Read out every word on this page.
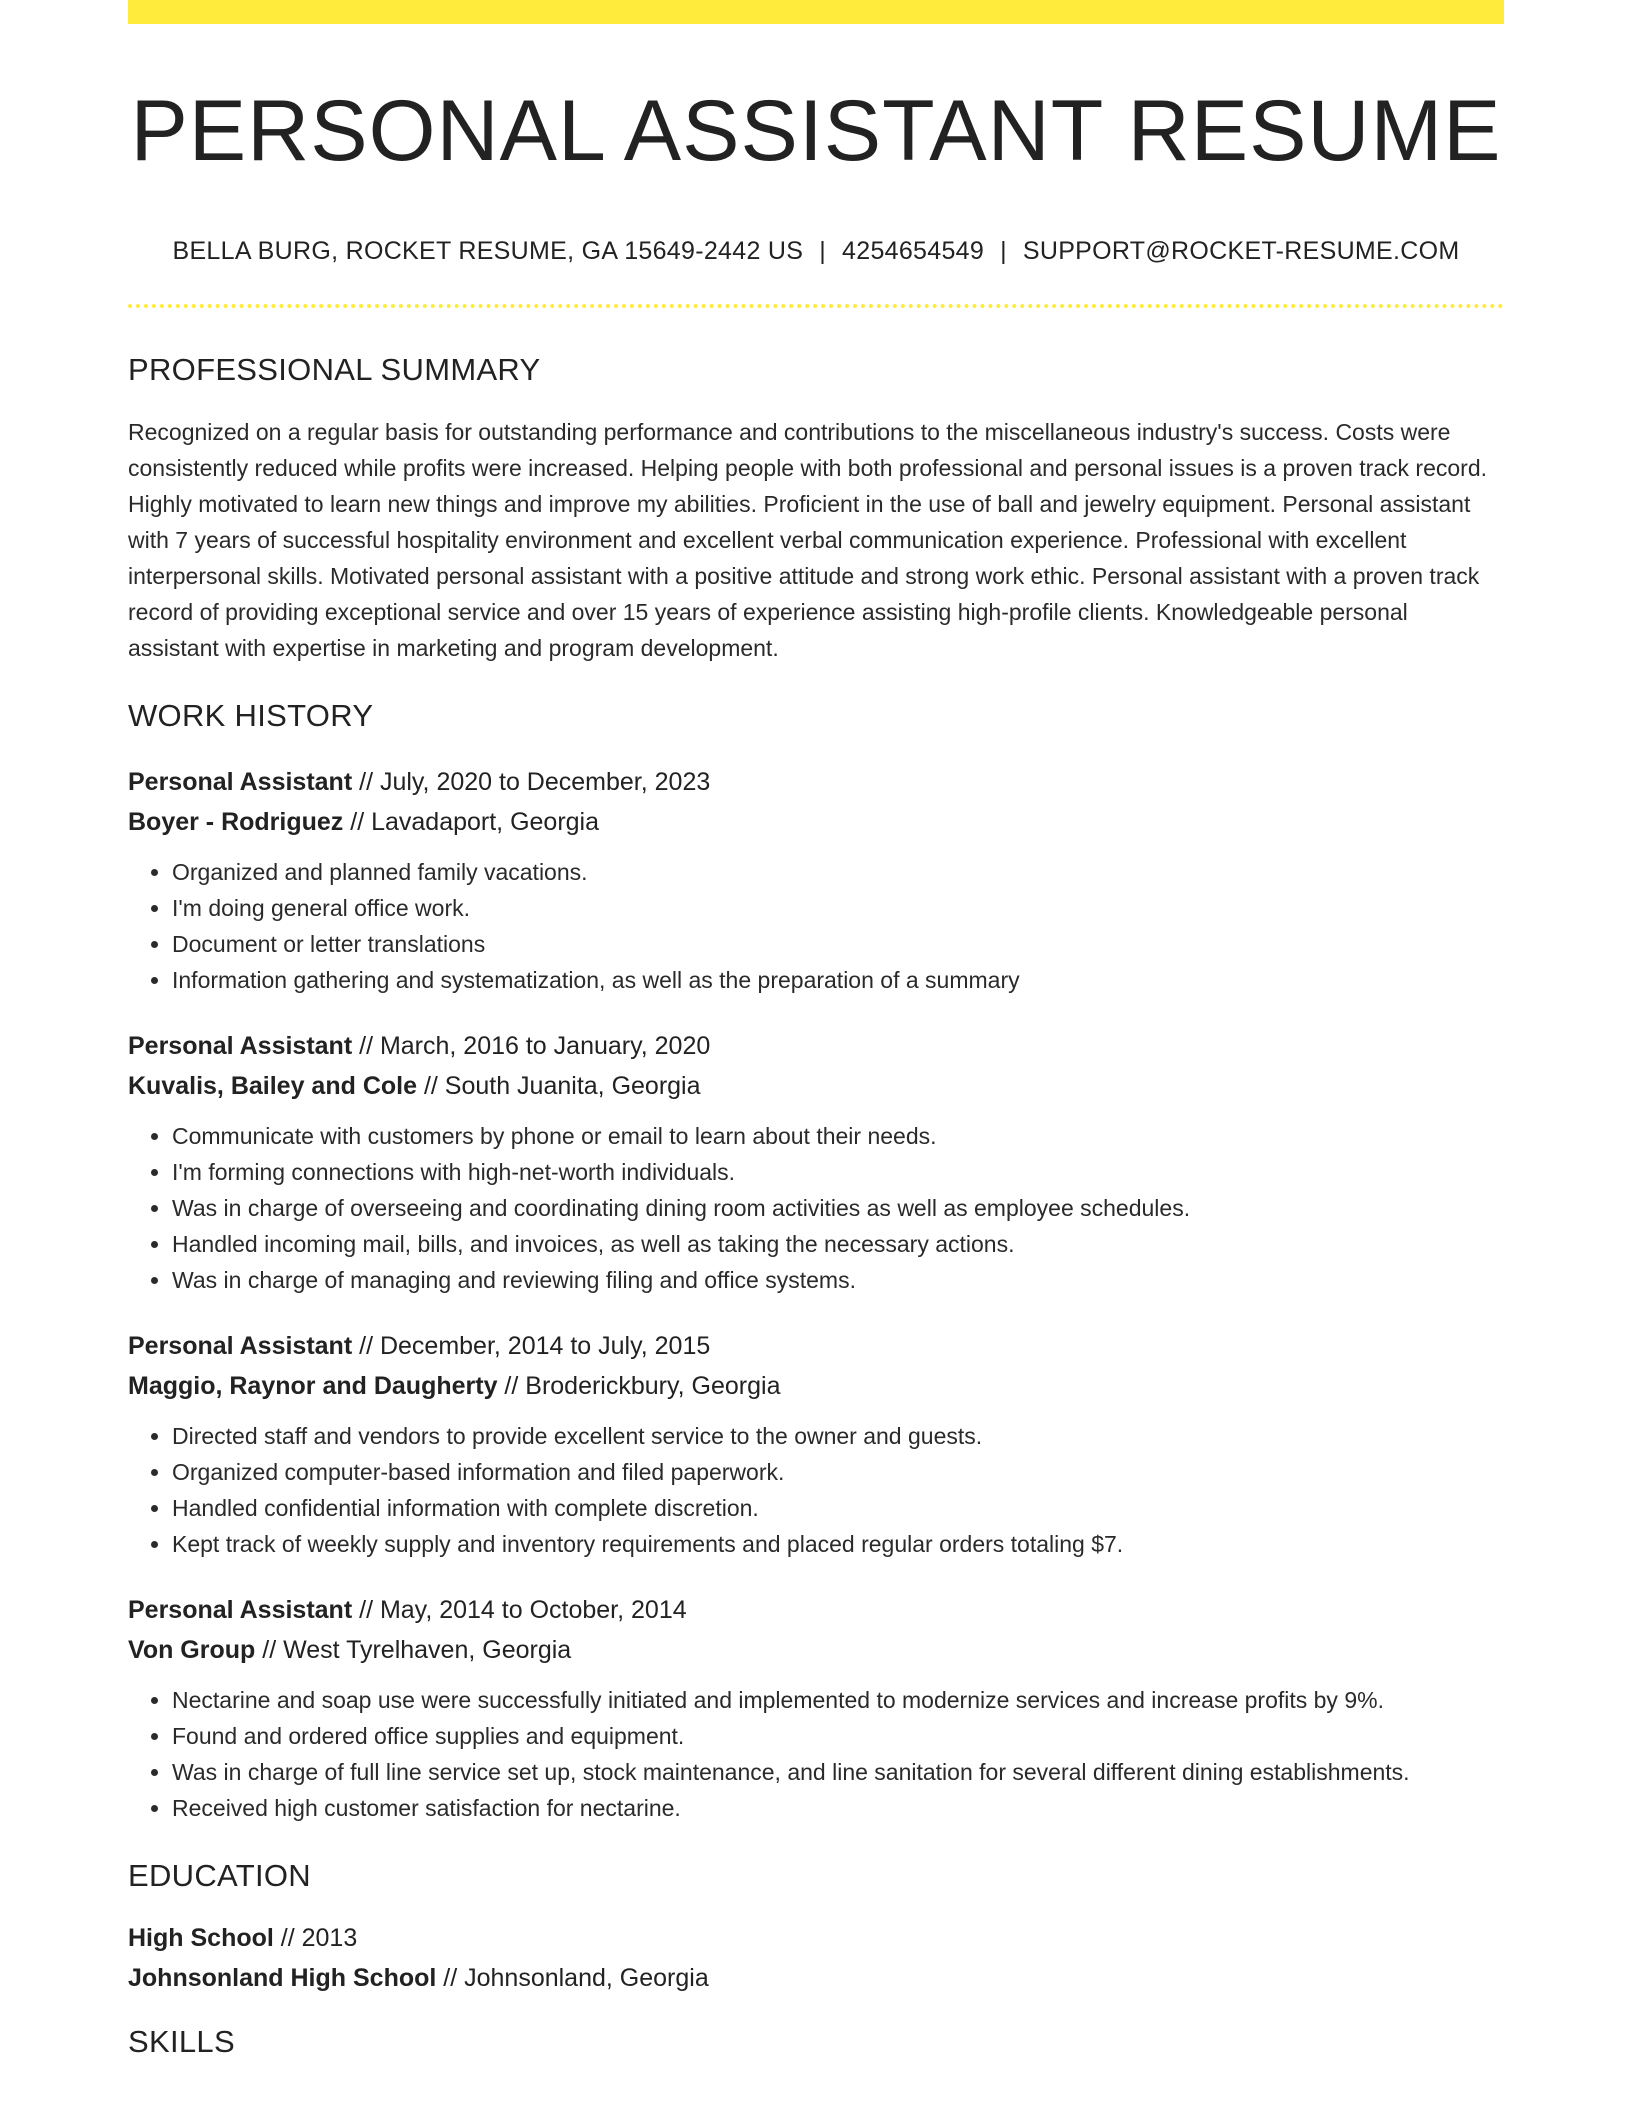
PERSONAL ASSISTANT RESUME
BELLA BURG, ROCKET RESUME, GA 15649-2442 US | 4254654549 | SUPPORT@ROCKET-RESUME.COM
PROFESSIONAL SUMMARY
Recognized on a regular basis for outstanding performance and contributions to the miscellaneous industry's success. Costs were consistently reduced while profits were increased. Helping people with both professional and personal issues is a proven track record. Highly motivated to learn new things and improve my abilities. Proficient in the use of ball and jewelry equipment. Personal assistant with 7 years of successful hospitality environment and excellent verbal communication experience. Professional with excellent interpersonal skills. Motivated personal assistant with a positive attitude and strong work ethic. Personal assistant with a proven track record of providing exceptional service and over 15 years of experience assisting high-profile clients. Knowledgeable personal assistant with expertise in marketing and program development.
WORK HISTORY
Personal Assistant // July, 2020 to December, 2023
Boyer - Rodriguez // Lavadaport, Georgia
• Organized and planned family vacations.
• I'm doing general office work.
• Document or letter translations
• Information gathering and systematization, as well as the preparation of a summary
Personal Assistant // March, 2016 to January, 2020
Kuvalis, Bailey and Cole // South Juanita, Georgia
• Communicate with customers by phone or email to learn about their needs.
• I'm forming connections with high-net-worth individuals.
• Was in charge of overseeing and coordinating dining room activities as well as employee schedules.
• Handled incoming mail, bills, and invoices, as well as taking the necessary actions.
• Was in charge of managing and reviewing filing and office systems.
Personal Assistant // December, 2014 to July, 2015
Maggio, Raynor and Daugherty // Broderickbury, Georgia
• Directed staff and vendors to provide excellent service to the owner and guests.
• Organized computer-based information and filed paperwork.
• Handled confidential information with complete discretion.
• Kept track of weekly supply and inventory requirements and placed regular orders totaling $7.
Personal Assistant // May, 2014 to October, 2014
Von Group // West Tyrelhaven, Georgia
• Nectarine and soap use were successfully initiated and implemented to modernize services and increase profits by 9%.
• Found and ordered office supplies and equipment.
• Was in charge of full line service set up, stock maintenance, and line sanitation for several different dining establishments.
• Received high customer satisfaction for nectarine.
EDUCATION
High School // 2013
Johnsonland High School // Johnsonland, Georgia
SKILLS
